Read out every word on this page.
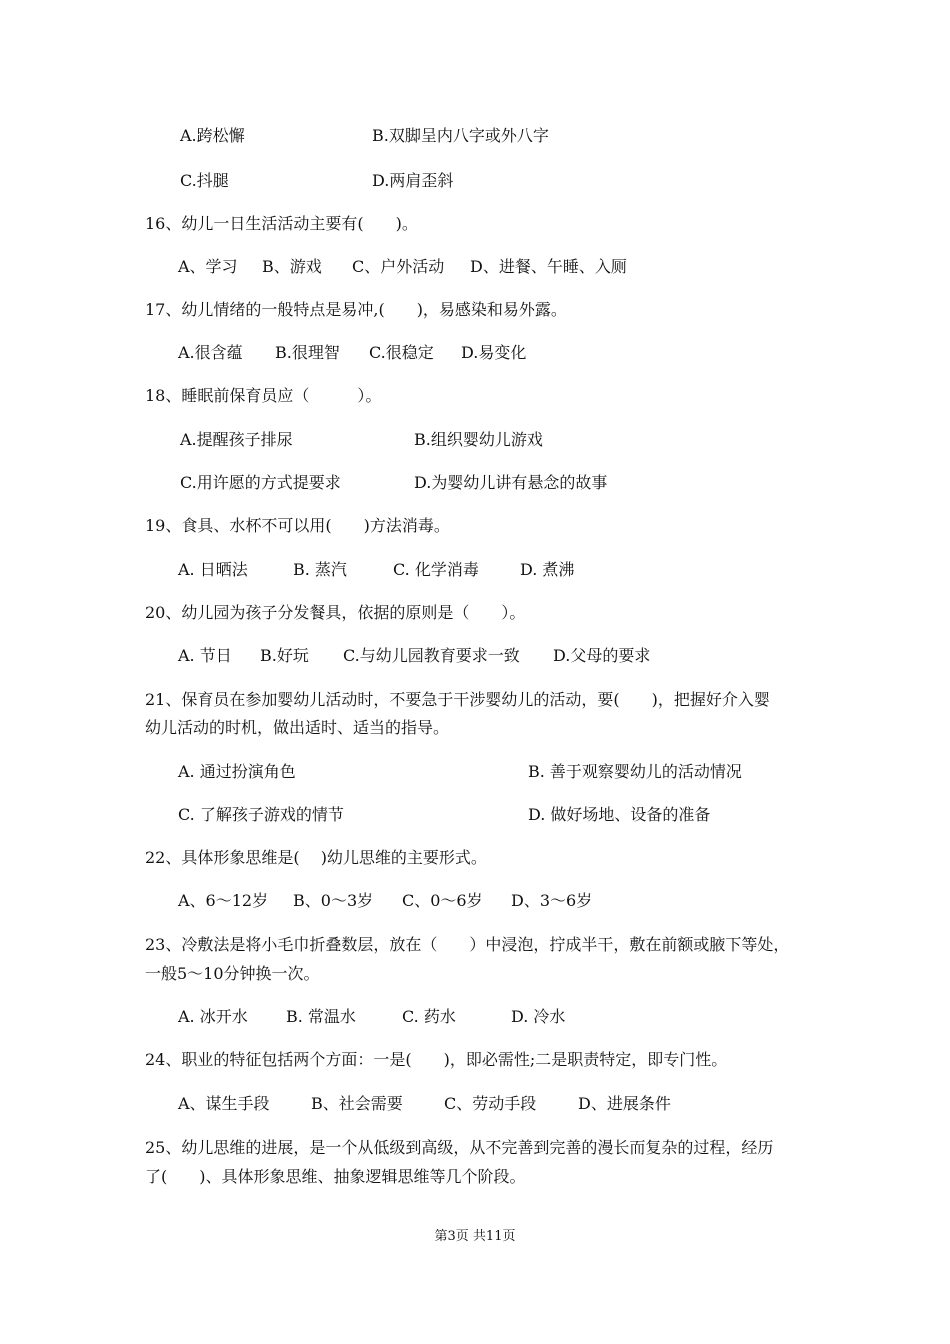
A.跨松懈	B.双脚呈内八字或外八字
C.抖腿	D.两肩歪斜
16、幼儿一日生活活动主要有(　　)。
A、学习 B、游戏 C、户外活动 D、进餐、午睡、入厕
17、幼儿情绪的一般特点是易冲,(　　)，易感染和易外露。
A.很含蕴 B.很理智 C.很稳定 D.易变化
18、睡眠前保育员应（　　　）。
A.提醒孩子排尿	B.组织婴幼儿游戏
C.用许愿的方式提要求	D.为婴幼儿讲有悬念的故事
19、食具、水杯不可以用(　　)方法消毒。
A. 日晒法	B. 蒸汽	C. 化学消毒	D. 煮沸
20、幼儿园为孩子分发餐具，依据的原则是（　　）。
A. 节日 B.好玩 C.与幼儿园教育要求一致 D.父母的要求
21、保育员在参加婴幼儿活动时，不要急于干涉婴幼儿的活动，要(　　)，把握好介入婴
幼儿活动的时机，做出适时、适当的指导。
A. 通过扮演角色	B. 善于观察婴幼儿的活动情况
C. 了解孩子游戏的情节	D. 做好场地、设备的准备
22、具体形象思维是(　 )幼儿思维的主要形式。
A、6～12岁 B、0～3岁 C、0～6岁 D、3～6岁
23、冷敷法是将小毛巾折叠数层，放在（　　）中浸泡，拧成半干，敷在前额或腋下等处，
一般5～10分钟换一次。
A. 冰开水 B. 常温水	C. 药水	D. 冷水
24、职业的特征包括两个方面：一是(　　)，即必需性;二是职责特定，即专门性。
A、谋生手段	B、社会需要	C、劳动手段	D、进展条件
25、幼儿思维的进展，是一个从低级到高级，从不完善到完善的漫长而复杂的过程，经历
了(　　)、具体形象思维、抽象逻辑思维等几个阶段。
第3页 共11页
